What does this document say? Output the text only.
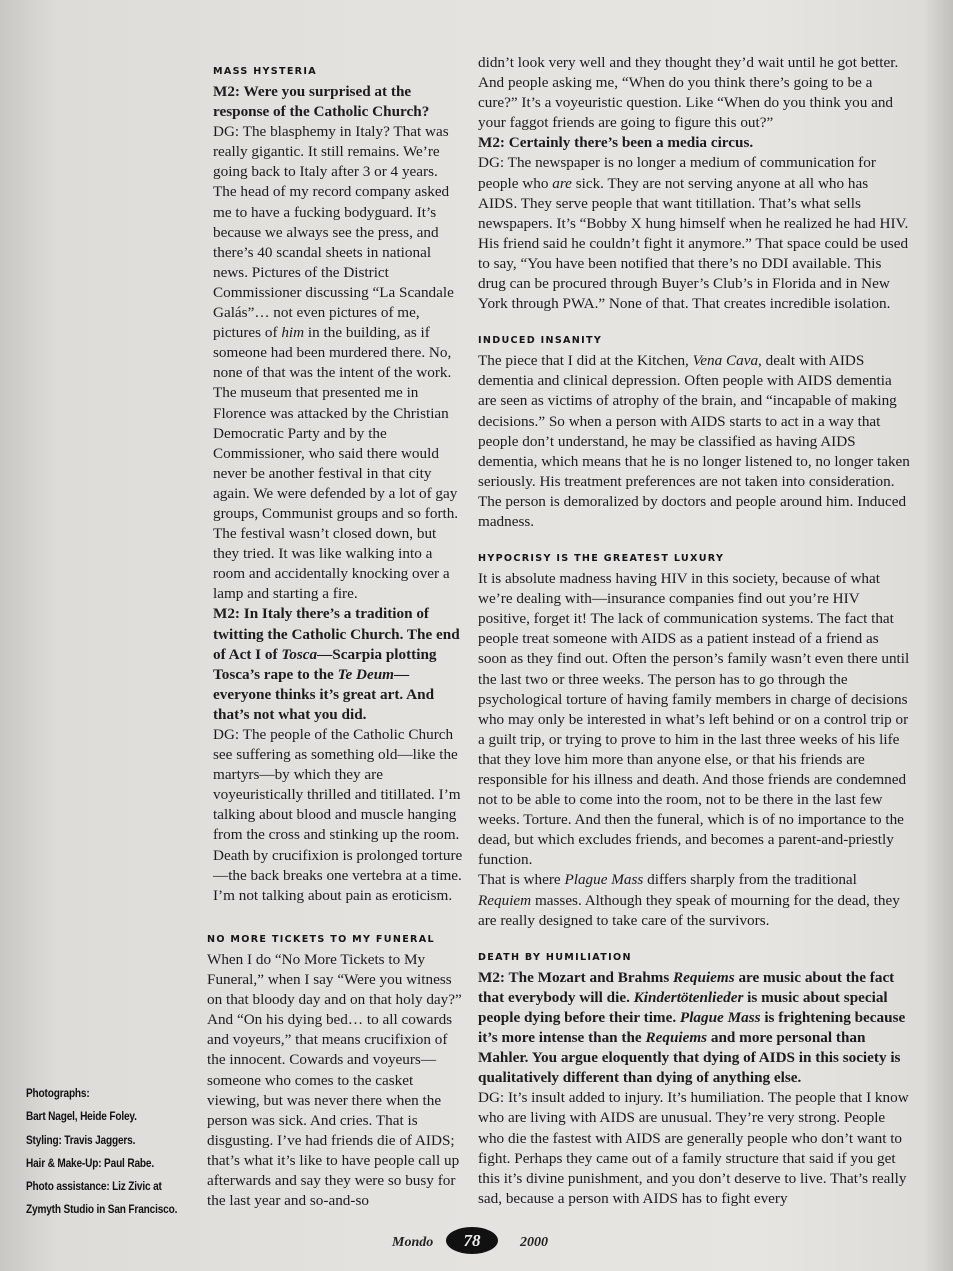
MASS HYSTERIA

M2: Were you surprised at the response of the Catholic Church?

DG: The blasphemy in Italy? That was really gigantic. It still remains. We’re going back to Italy after 3 or 4 years. The head of my record company asked me to have a fucking bodyguard. It’s because we always see the press, and there’s 40 scandal sheets in national news. Pictures of the District Commissioner discussing “La Scandale Galás”… not even pictures of me, pictures of him in the building, as if someone had been murdered there. No, none of that was the intent of the work. The museum that presented me in Florence was attacked by the Christian Democratic Party and by the Commissioner, who said there would never be another festival in that city again. We were defended by a lot of gay groups, Communist groups and so forth. The festival wasn’t closed down, but they tried. It was like walking into a room and accidentally knocking over a lamp and starting a fire.

M2: In Italy there’s a tradition of twitting the Catholic Church. The end of Act I of Tosca—Scarpia plotting Tosca’s rape to the Te Deum—everyone thinks it’s great art. And that’s not what you did.

DG: The people of the Catholic Church see suffering as something old—like the martyrs—by which they are voyeuristically thrilled and titillated. I’m talking about blood and muscle hanging from the cross and stinking up the room. Death by crucifixion is prolonged torture—the back breaks one vertebra at a time. I’m not talking about pain as eroticism.

NO MORE TICKETS TO MY FUNERAL

When I do “No More Tickets to My Funeral,” when I say “Were you witness on that bloody day and on that holy day?” And “On his dying bed… to all cowards and voyeurs,” that means crucifixion of the innocent. Cowards and voyeurs—someone who comes to the casket viewing, but was never there when the person was sick. And cries. That is disgusting. I’ve had friends die of AIDS; that’s what it’s like to have people call up afterwards and say they were so busy for the last year and so-and-so

didn’t look very well and they thought they’d wait until he got better. And people asking me, “When do you think there’s going to be a cure?” It’s a voyeuristic question. Like “When do you think you and your faggot friends are going to figure this out?”

M2: Certainly there’s been a media circus.

DG: The newspaper is no longer a medium of communication for people who are sick. They are not serving anyone at all who has AIDS. They serve people that want titillation. That’s what sells newspapers. It’s “Bobby X hung himself when he realized he had HIV. His friend said he couldn’t fight it anymore.” That space could be used to say, “You have been notified that there’s no DDI available. This drug can be procured through Buyer’s Club’s in Florida and in New York through PWA.” None of that. That creates incredible isolation.

INDUCED INSANITY

The piece that I did at the Kitchen, Vena Cava, dealt with AIDS dementia and clinical depression. Often people with AIDS dementia are seen as victims of atrophy of the brain, and “incapable of making decisions.” So when a person with AIDS starts to act in a way that people don’t understand, he may be classified as having AIDS dementia, which means that he is no longer listened to, no longer taken seriously. His treatment preferences are not taken into consideration. The person is demoralized by doctors and people around him. Induced madness.

HYPOCRISY IS THE GREATEST LUXURY

It is absolute madness having HIV in this society, because of what we’re dealing with—insurance companies find out you’re HIV positive, forget it! The lack of communication systems. The fact that people treat someone with AIDS as a patient instead of a friend as soon as they find out. Often the person’s family wasn’t even there until the last two or three weeks. The person has to go through the psychological torture of having family members in charge of decisions who may only be interested in what’s left behind or on a control trip or a guilt trip, or trying to prove to him in the last three weeks of his life that they love him more than anyone else, or that his friends are responsible for his illness and death. And those friends are condemned not to be able to come into the room, not to be there in the last few weeks. Torture. And then the funeral, which is of no importance to the dead, but which excludes friends, and becomes a parent-and-priestly function.

That is where Plague Mass differs sharply from the traditional Requiem masses. Although they speak of mourning for the dead, they are really designed to take care of the survivors.

DEATH BY HUMILIATION

M2: The Mozart and Brahms Requiems are music about the fact that everybody will die. Kindertötenlieder is music about special people dying before their time. Plague Mass is frightening because it’s more intense than the Requiems and more personal than Mahler. You argue eloquently that dying of AIDS in this society is qualitatively different than dying of anything else.

DG: It’s insult added to injury. It’s humiliation. The people that I know who are living with AIDS are unusual. They’re very strong. People who die the fastest with AIDS are generally people who don’t want to fight. Perhaps they came out of a family structure that said if you get this it’s divine punishment, and you don’t deserve to live. That’s really sad, because a person with AIDS has to fight every

Photographs:
Bart Nagel, Heide Foley.
Styling: Travis Jaggers.
Hair & Make-Up: Paul Rabe.
Photo assistance: Liz Zivic at
Zymyth Studio in San Francisco.
Mondo	78	2000
